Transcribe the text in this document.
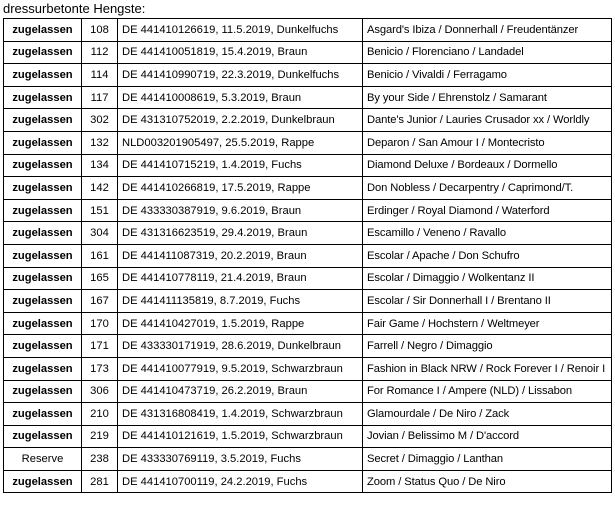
dressurbetonte Hengste:
zugelassen	108	DE 441410126619, 11.5.2019, Dunkelfuchs	Asgard's Ibiza / Donnerhall / Freudentänzer
zugelassen	112	DE 441410051819, 15.4.2019, Braun	Benicio / Florenciano / Landadel
zugelassen	114	DE 441410990719, 22.3.2019, Dunkelfuchs	Benicio / Vivaldi / Ferragamo
zugelassen	117	DE 441410008619, 5.3.2019, Braun	By your Side / Ehrenstolz / Samarant
zugelassen	302	DE 431310752019, 2.2.2019, Dunkelbraun	Dante's Junior / Lauries Crusador xx / Worldly
zugelassen	132	NLD003201905497, 25.5.2019, Rappe	Deparon / San Amour I / Montecristo
zugelassen	134	DE 441410715219, 1.4.2019, Fuchs	Diamond Deluxe / Bordeaux / Dormello
zugelassen	142	DE 441410266819, 17.5.2019, Rappe	Don Nobless / Decarpentry / Caprimond/T.
zugelassen	151	DE 433330387919, 9.6.2019, Braun	Erdinger / Royal Diamond / Waterford
zugelassen	304	DE 431316623519, 29.4.2019, Braun	Escamillo / Veneno / Ravallo
zugelassen	161	DE 441411087319, 20.2.2019, Braun	Escolar / Apache / Don Schufro
zugelassen	165	DE 441410778119, 21.4.2019, Braun	Escolar / Dimaggio / Wolkentanz II
zugelassen	167	DE 441411135819, 8.7.2019, Fuchs	Escolar / Sir Donnerhall I / Brentano II
zugelassen	170	DE 441410427019, 1.5.2019, Rappe	Fair Game / Hochstern / Weltmeyer
zugelassen	171	DE 433330171919, 28.6.2019, Dunkelbraun	Farrell / Negro / Dimaggio
zugelassen	173	DE 441410077919, 9.5.2019, Schwarzbraun	Fashion in Black NRW / Rock Forever I / Renoir I
zugelassen	306	DE 441410473719, 26.2.2019, Braun	For Romance I / Ampere (NLD) / Lissabon
zugelassen	210	DE 431316808419, 1.4.2019, Schwarzbraun	Glamourdale / De Niro / Zack
zugelassen	219	DE 441410121619, 1.5.2019, Schwarzbraun	Jovian / Belissimo M / D'accord
Reserve	238	DE 433330769119, 3.5.2019, Fuchs	Secret / Dimaggio / Lanthan
zugelassen	281	DE 441410700119, 24.2.2019, Fuchs	Zoom / Status Quo / De Niro
